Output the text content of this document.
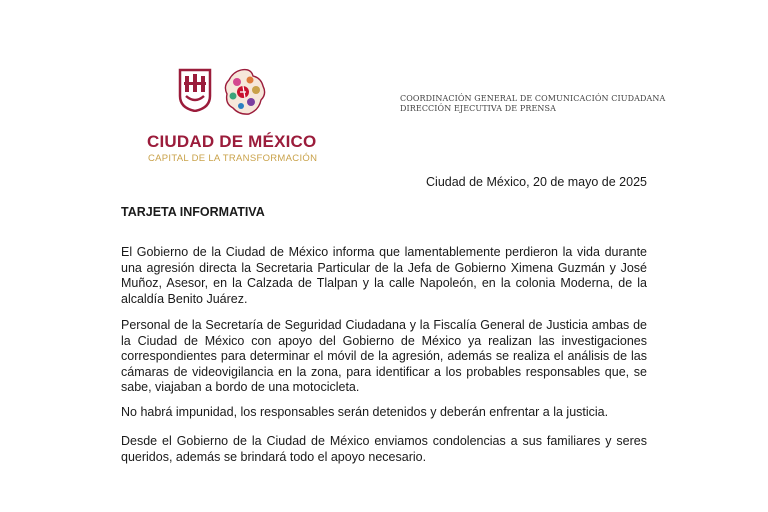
CIUDAD DE MÉXICO
CAPITAL DE LA TRANSFORMACIÓN
COORDINACIÓN GENERAL DE COMUNICACIÓN CIUDADANA
DIRECCIÓN EJECUTIVA DE PRENSA
Ciudad de México, 20 de mayo de 2025
TARJETA INFORMATIVA

El Gobierno de la Ciudad de México informa que lamentablemente perdieron la vida durante una agresión directa la Secretaria Particular de la Jefa de Gobierno Ximena Guzmán y José Muñoz, Asesor, en la Calzada de Tlalpan y la calle Napoleón, en la colonia Moderna, de la alcaldía Benito Juárez.

Personal de la Secretaría de Seguridad Ciudadana y la Fiscalía General de Justicia ambas de la Ciudad de México con apoyo del Gobierno de México ya realizan las investigaciones correspondientes para determinar el móvil de la agresión, además se realiza el análisis de las cámaras de videovigilancia en la zona, para identificar a los probables responsables que, se sabe, viajaban a bordo de una motocicleta.

No habrá impunidad, los responsables serán detenidos y deberán enfrentar a la justicia.

Desde el Gobierno de la Ciudad de México enviamos condolencias a sus familiares y seres queridos, además se brindará todo el apoyo necesario.
